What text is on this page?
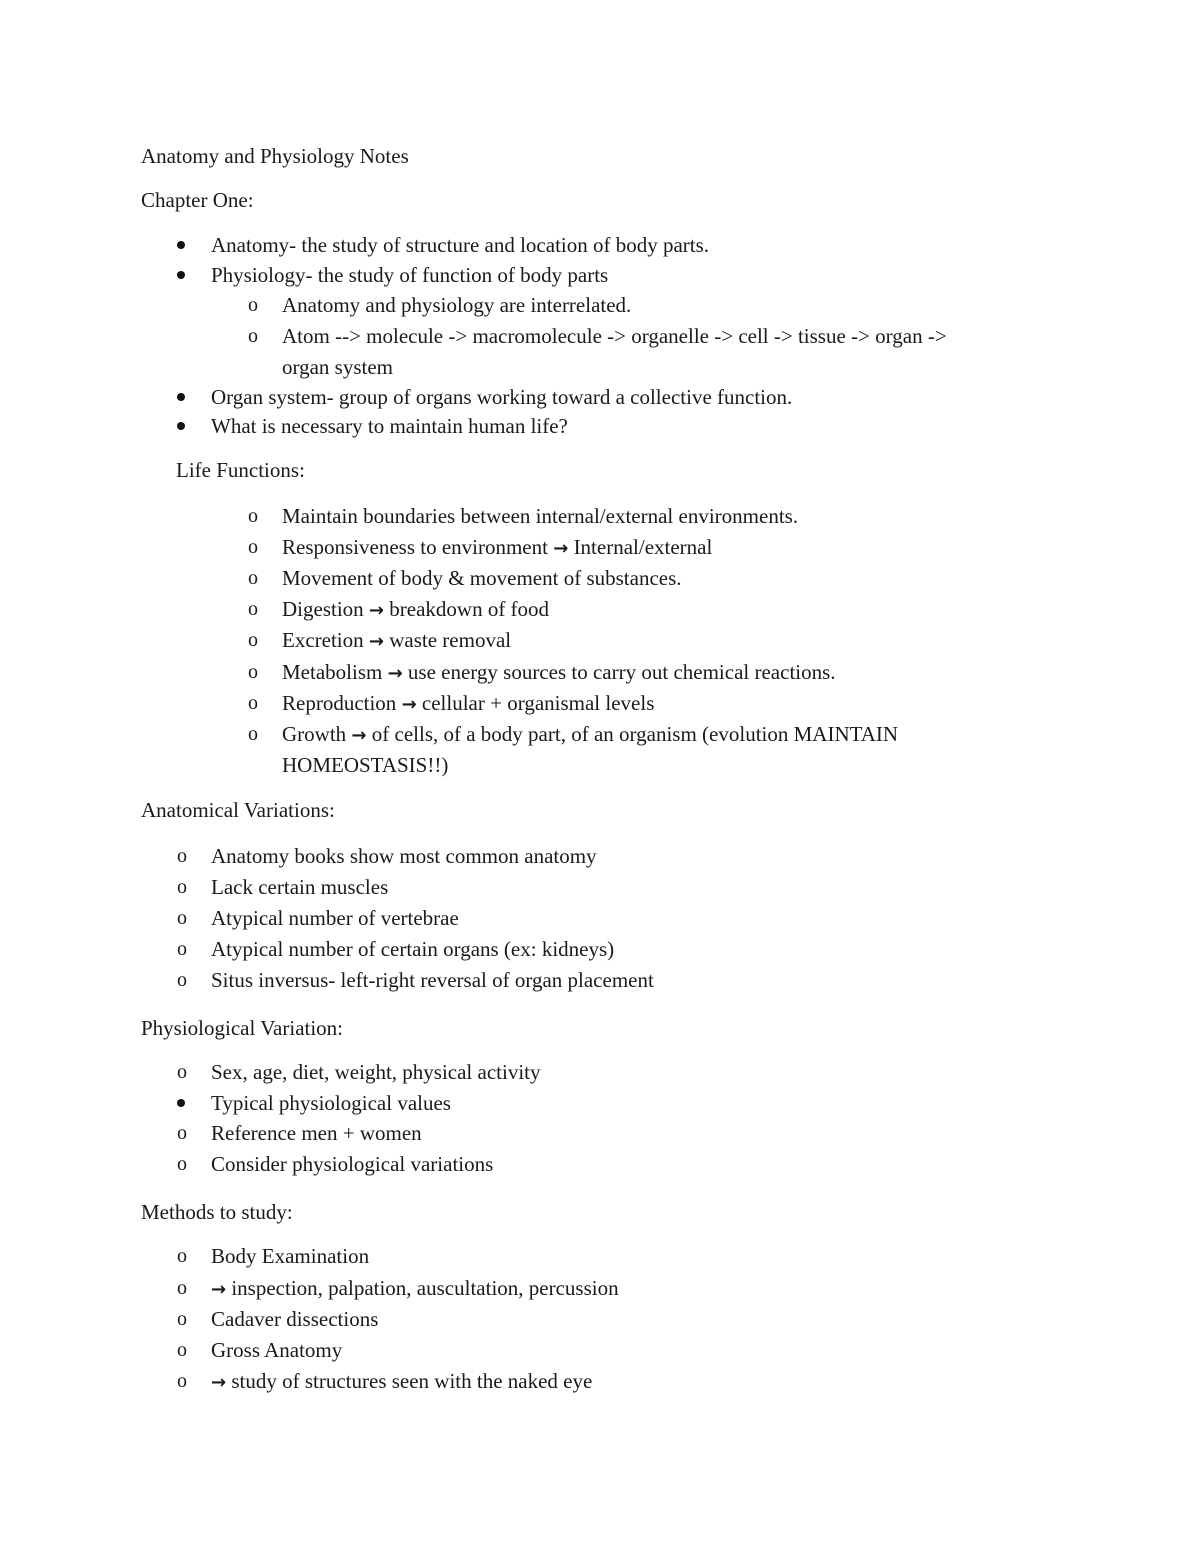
Anatomy and Physiology Notes
Chapter One:
Anatomy- the study of structure and location of body parts.
Physiology- the study of function of body parts
o Anatomy and physiology are interrelated.
o Atom --> molecule -> macromolecule -> organelle -> cell -> tissue -> organ ->
organ system
Organ system- group of organs working toward a collective function.
What is necessary to maintain human life?
Life Functions:
o Maintain boundaries between internal/external environments.
o Responsiveness to environment → Internal/external
o Movement of body & movement of substances.
o Digestion → breakdown of food
o Excretion → waste removal
o Metabolism → use energy sources to carry out chemical reactions.
o Reproduction → cellular + organismal levels
o Growth → of cells, of a body part, of an organism (evolution MAINTAIN
HOMEOSTASIS!!)
Anatomical Variations:
o Anatomy books show most common anatomy
o Lack certain muscles
o Atypical number of vertebrae
o Atypical number of certain organs (ex: kidneys)
o Situs inversus- left-right reversal of organ placement
Physiological Variation:
o Sex, age, diet, weight, physical activity
Typical physiological values
o Reference men + women
o Consider physiological variations
Methods to study:
o Body Examination
o → inspection, palpation, auscultation, percussion
o Cadaver dissections
o Gross Anatomy
o → study of structures seen with the naked eye
